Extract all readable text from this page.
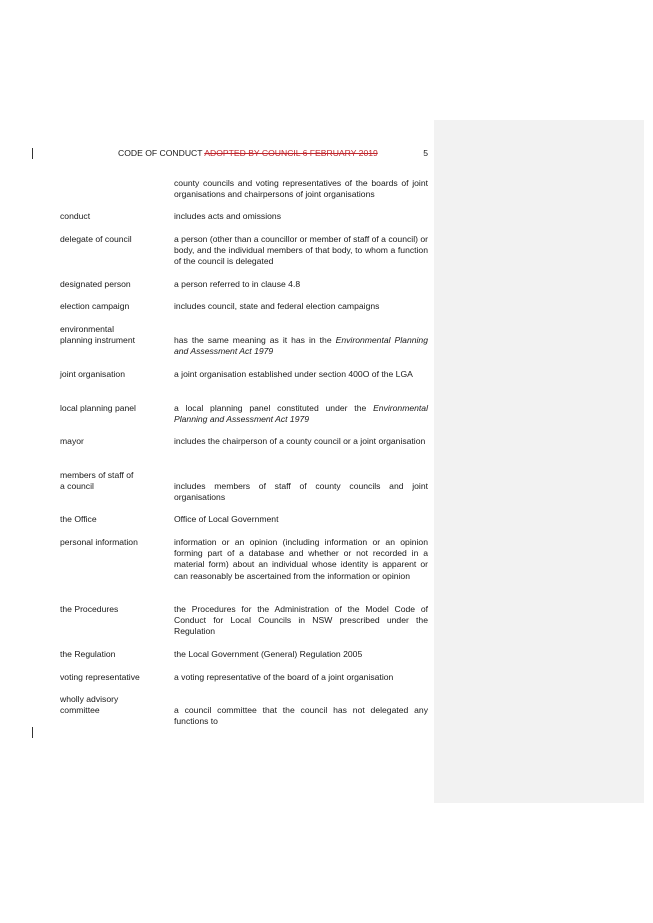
CODE OF CONDUCT ADOPTED BY COUNCIL 6 FEBRUARY 2019	5
county councils and voting representatives of the boards of joint organisations and chairpersons of joint organisations
conduct	includes acts and omissions
delegate of council	a person (other than a councillor or member of staff of a council) or body, and the individual members of that body, to whom a function of the council is delegated
designated person	a person referred to in clause 4.8
election campaign	includes council, state and federal election campaigns
environmental planning instrument	has the same meaning as it has in the Environmental Planning and Assessment Act 1979
joint organisation	a joint organisation established under section 400O of the LGA
local planning panel	a local planning panel constituted under the Environmental Planning and Assessment Act 1979
mayor	includes the chairperson of a county council or a joint organisation
members of staff of a council	includes members of staff of county councils and joint organisations
the Office	Office of Local Government
personal information	information or an opinion (including information or an opinion forming part of a database and whether or not recorded in a material form) about an individual whose identity is apparent or can reasonably be ascertained from the information or opinion
the Procedures	the Procedures for the Administration of the Model Code of Conduct for Local Councils in NSW prescribed under the Regulation
the Regulation	the Local Government (General) Regulation 2005
voting representative	a voting representative of the board of a joint organisation
wholly advisory committee	a council committee that the council has not delegated any functions to
